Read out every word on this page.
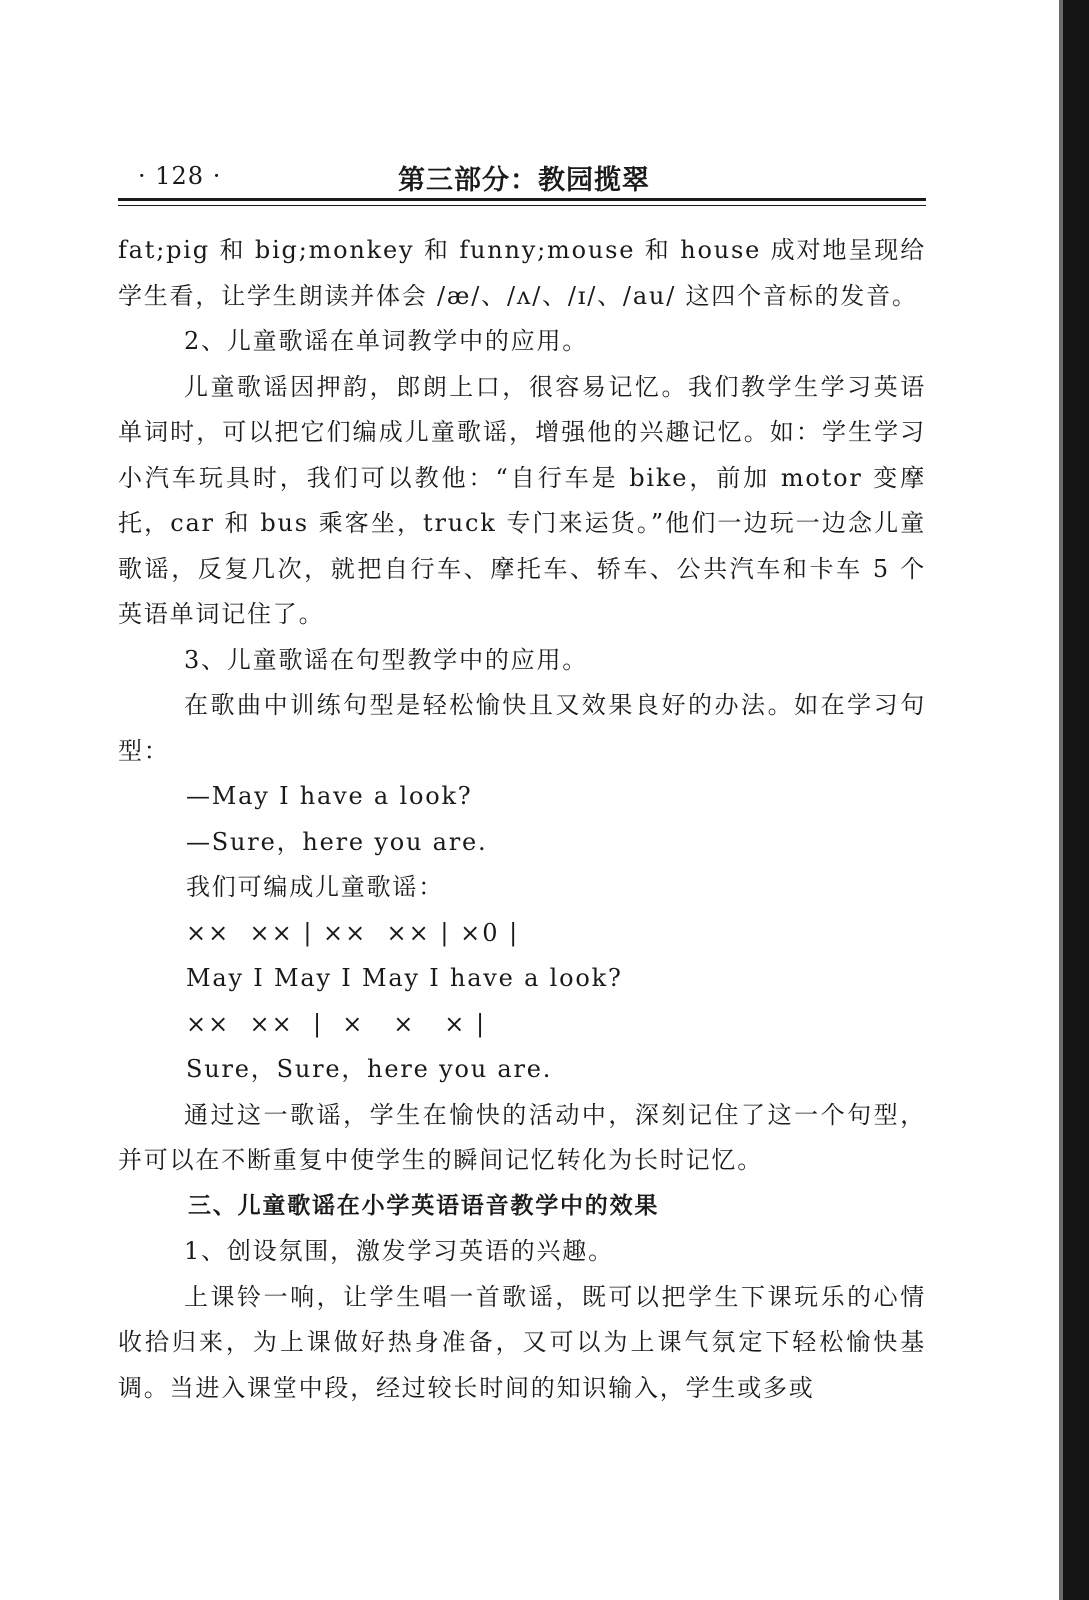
· 128 ·	第三部分：教园揽翠

fat;pig 和 big;monkey 和 funny;mouse 和 house 成对地呈现给学生看，让学生朗读并体会 /æ/、/ʌ/、/ɪ/、/au/ 这四个音标的发音。

2、儿童歌谣在单词教学中的应用。

儿童歌谣因押韵，郎朗上口，很容易记忆。我们教学生学习英语单词时，可以把它们编成儿童歌谣，增强他的兴趣记忆。如：学生学习小汽车玩具时，我们可以教他：“自行车是 bike，前加 motor 变摩托，car 和 bus 乘客坐，truck 专门来运货。”他们一边玩一边念儿童歌谣，反复几次，就把自行车、摩托车、轿车、公共汽车和卡车 5 个英语单词记住了。

3、儿童歌谣在句型教学中的应用。

在歌曲中训练句型是轻松愉快且又效果良好的办法。如在学习句型：

—May I have a look?

—Sure，here you are.

我们可编成儿童歌谣：

××  ×× | ××  ×× | ×0 |

May I May I May I have a look?

××  ××  |  ×   ×   × |

Sure，Sure，here you are.

通过这一歌谣，学生在愉快的活动中，深刻记住了这一个句型，并可以在不断重复中使学生的瞬间记忆转化为长时记忆。

三、儿童歌谣在小学英语语音教学中的效果

1、创设氛围，激发学习英语的兴趣。

上课铃一响，让学生唱一首歌谣，既可以把学生下课玩乐的心情收拾归来，为上课做好热身准备，又可以为上课气氛定下轻松愉快基调。当进入课堂中段，经过较长时间的知识输入，学生或多或
